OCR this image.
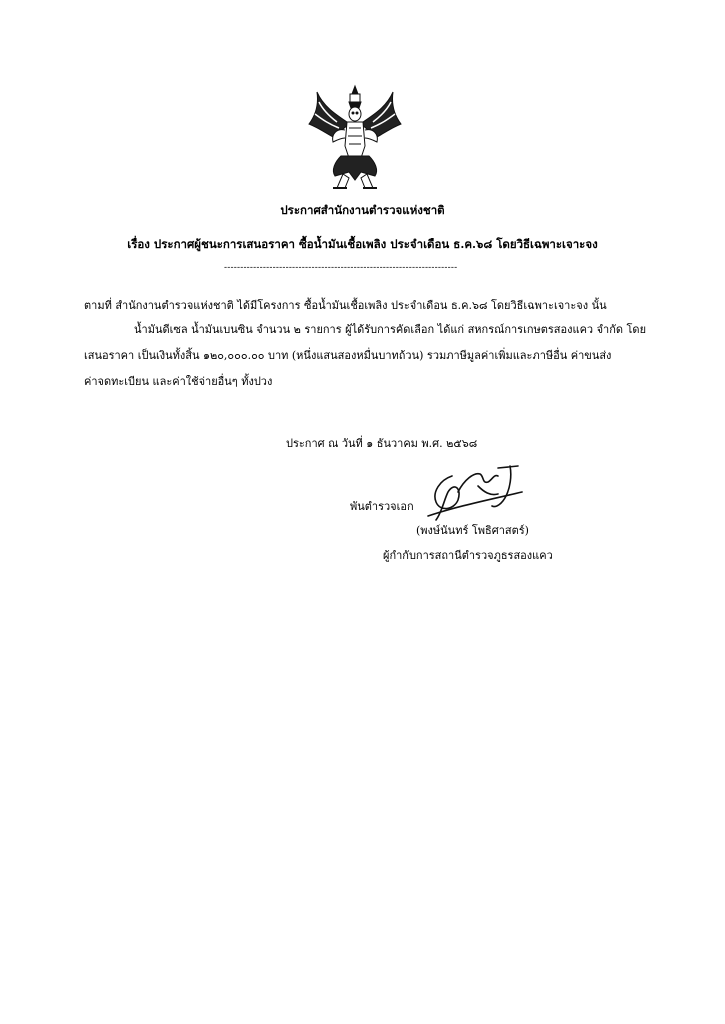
ประกาศสำนักงานตำรวจแห่งชาติ
เรื่อง ประกาศผู้ชนะการเสนอราคา ซื้อน้ำมันเชื้อเพลิง ประจำเดือน ธ.ค.๖๘ โดยวิธีเฉพาะเจาะจง
------------------------------------------------------------------------
ตามที่ สำนักงานตำรวจแห่งชาติ ได้มีโครงการ ซื้อน้ำมันเชื้อเพลิง ประจำเดือน ธ.ค.๖๘ โดยวิธีเฉพาะเจาะจง นั้น
น้ำมันดีเซล น้ำมันเบนซิน จำนวน ๒ รายการ ผู้ได้รับการคัดเลือก ได้แก่ สหกรณ์การเกษตรสองแคว จำกัด โดย
เสนอราคา เป็นเงินทั้งสิ้น ๑๒๐,๐๐๐.๐๐ บาท (หนึ่งแสนสองหมื่นบาทถ้วน) รวมภาษีมูลค่าเพิ่มและภาษีอื่น ค่าขนส่ง
ค่าจดทะเบียน และค่าใช้จ่ายอื่นๆ ทั้งปวง
ประกาศ ณ วันที่ ๑ ธันวาคม พ.ศ. ๒๕๖๘
พันตำรวจเอก
(พงษ์นันทร์ โพธิศาสตร์)
ผู้กำกับการสถานีตำรวจภูธรสองแคว
